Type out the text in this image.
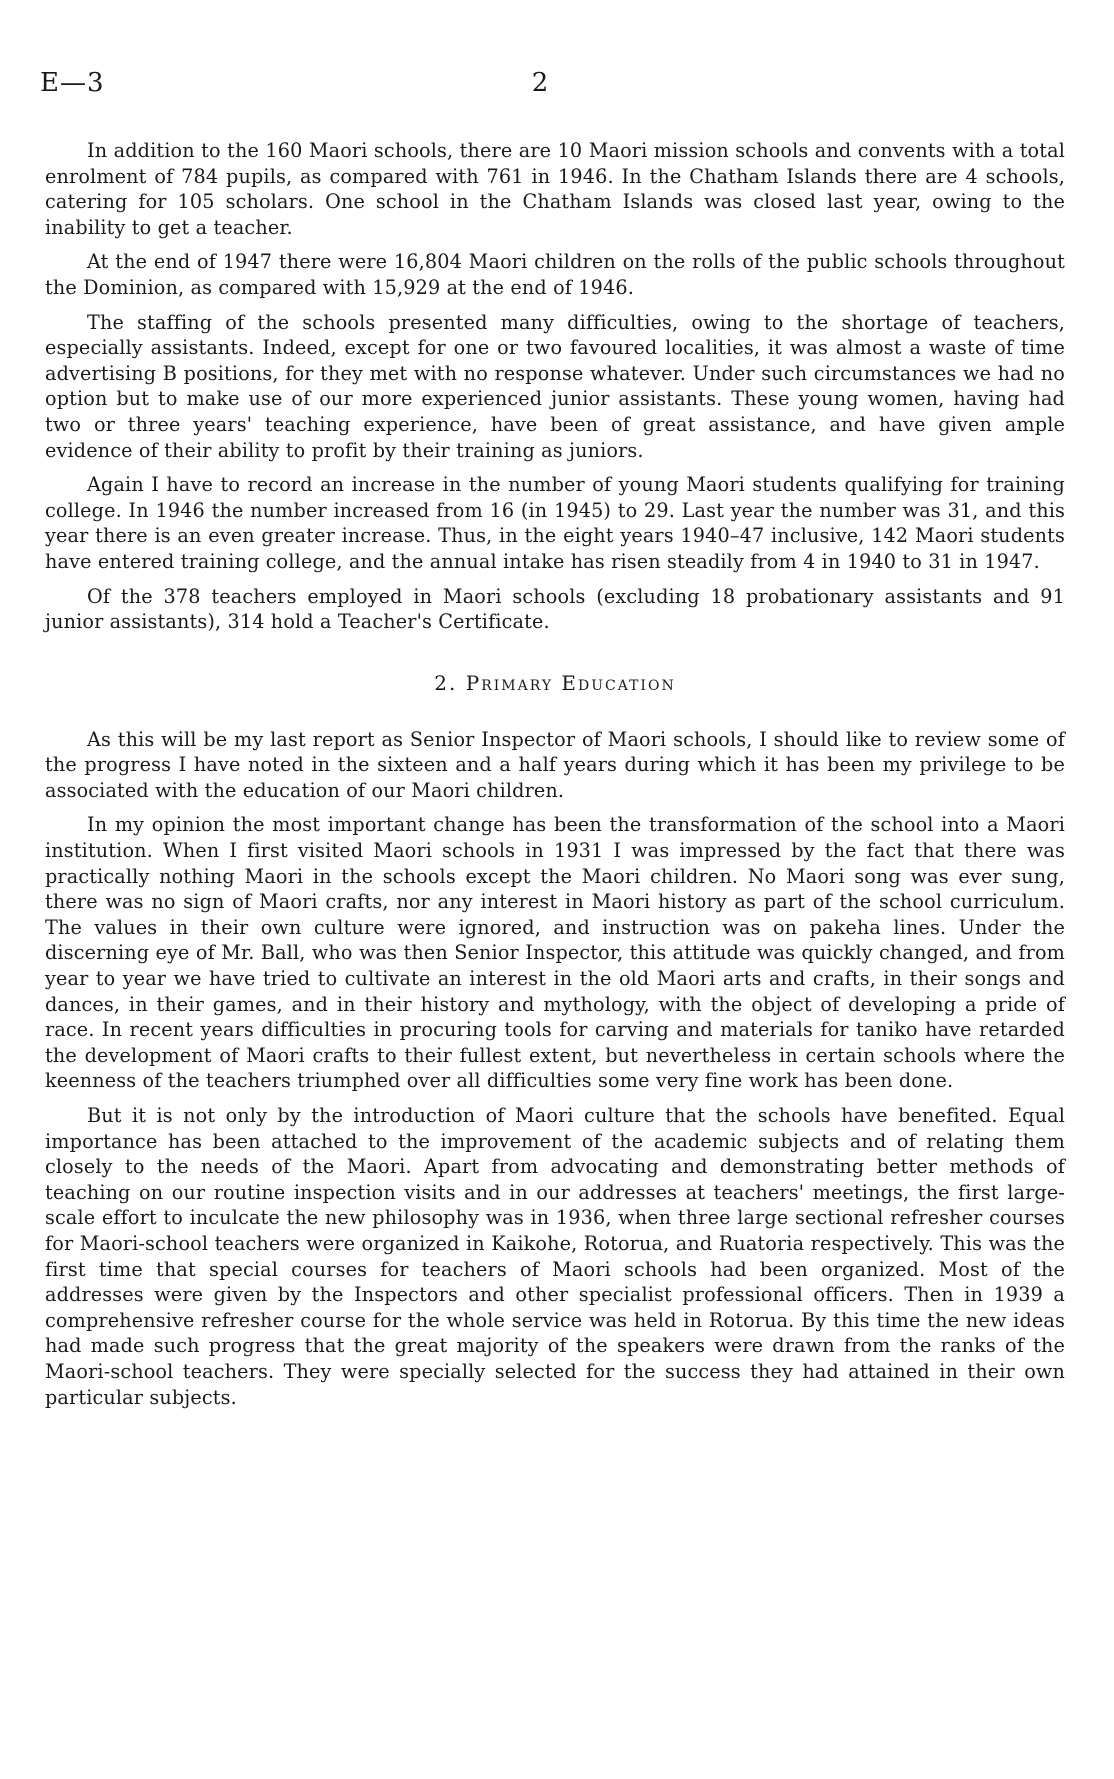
E—3	2

In addition to the 160 Maori schools, there are 10 Maori mission schools and convents with a total enrolment of 784 pupils, as compared with 761 in 1946. In the Chatham Islands there are 4 schools, catering for 105 scholars. One school in the Chatham Islands was closed last year, owing to the inability to get a teacher.

At the end of 1947 there were 16,804 Maori children on the rolls of the public schools throughout the Dominion, as compared with 15,929 at the end of 1946.

The staffing of the schools presented many difficulties, owing to the shortage of teachers, especially assistants. Indeed, except for one or two favoured localities, it was almost a waste of time advertising B positions, for they met with no response whatever. Under such circumstances we had no option but to make use of our more experienced junior assistants. These young women, having had two or three years' teaching experience, have been of great assistance, and have given ample evidence of their ability to profit by their training as juniors.

Again I have to record an increase in the number of young Maori students qualifying for training college. In 1946 the number increased from 16 (in 1945) to 29. Last year the number was 31, and this year there is an even greater increase. Thus, in the eight years 1940–47 inclusive, 142 Maori students have entered training college, and the annual intake has risen steadily from 4 in 1940 to 31 in 1947.

Of the 378 teachers employed in Maori schools (excluding 18 probationary assistants and 91 junior assistants), 314 hold a Teacher's Certificate.

2. Primary Education

As this will be my last report as Senior Inspector of Maori schools, I should like to review some of the progress I have noted in the sixteen and a half years during which it has been my privilege to be associated with the education of our Maori children.

In my opinion the most important change has been the transformation of the school into a Maori institution. When I first visited Maori schools in 1931 I was impressed by the fact that there was practically nothing Maori in the schools except the Maori children. No Maori song was ever sung, there was no sign of Maori crafts, nor any interest in Maori history as part of the school curriculum. The values in their own culture were ignored, and instruction was on pakeha lines. Under the discerning eye of Mr. Ball, who was then Senior Inspector, this attitude was quickly changed, and from year to year we have tried to cultivate an interest in the old Maori arts and crafts, in their songs and dances, in their games, and in their history and mythology, with the object of developing a pride of race. In recent years difficulties in procuring tools for carving and materials for taniko have retarded the development of Maori crafts to their fullest extent, but nevertheless in certain schools where the keenness of the teachers triumphed over all difficulties some very fine work has been done.

But it is not only by the introduction of Maori culture that the schools have benefited. Equal importance has been attached to the improvement of the academic subjects and of relating them closely to the needs of the Maori. Apart from advocating and demonstrating better methods of teaching on our routine inspection visits and in our addresses at teachers' meetings, the first large-scale effort to inculcate the new philosophy was in 1936, when three large sectional refresher courses for Maori-school teachers were organized in Kaikohe, Rotorua, and Ruatoria respectively. This was the first time that special courses for teachers of Maori schools had been organized. Most of the addresses were given by the Inspectors and other specialist professional officers. Then in 1939 a comprehensive refresher course for the whole service was held in Rotorua. By this time the new ideas had made such progress that the great majority of the speakers were drawn from the ranks of the Maori-school teachers. They were specially selected for the success they had attained in their own particular subjects.
